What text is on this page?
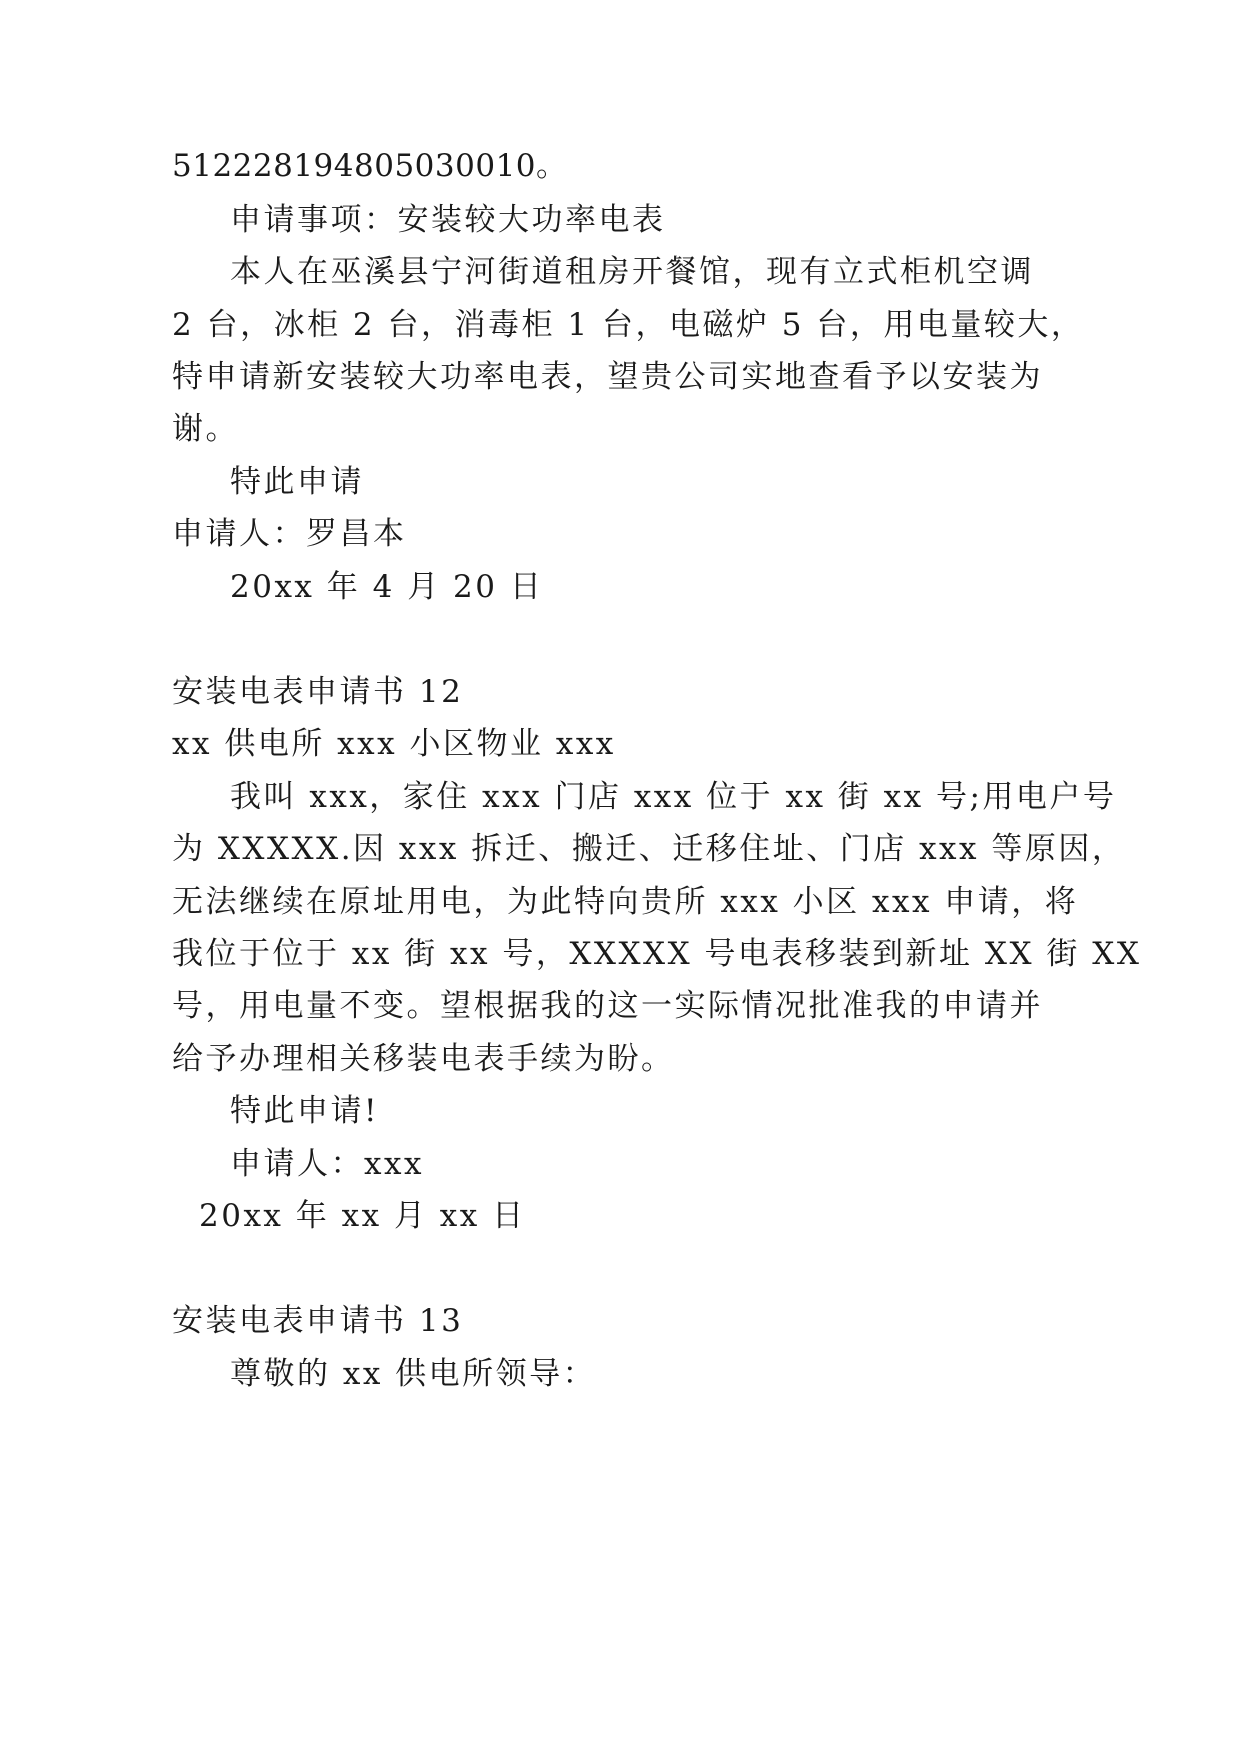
512228194805030010。

申请事项：安装较大功率电表

本人在巫溪县宁河街道租房开餐馆，现有立式柜机空调

2 台，冰柜 2 台，消毒柜 1 台，电磁炉 5 台，用电量较大，

特申请新安装较大功率电表，望贵公司实地查看予以安装为

谢。

特此申请

申请人：罗昌本

20xx 年 4 月 20 日

安装电表申请书 12

xx 供电所 xxx 小区物业 xxx

我叫 xxx，家住 xxx 门店 xxx 位于 xx 街 xx 号;用电户号

为 XXXXX.因 xxx 拆迁、搬迁、迁移住址、门店 xxx 等原因，

无法继续在原址用电，为此特向贵所 xxx 小区 xxx 申请，将

我位于位于 xx 街 xx 号，XXXXX 号电表移装到新址 XX 街 XX

号，用电量不变。望根据我的这一实际情况批准我的申请并

给予办理相关移装电表手续为盼。

特此申请!

申请人：xxx

20xx 年 xx 月 xx 日

安装电表申请书 13

尊敬的 xx 供电所领导：
